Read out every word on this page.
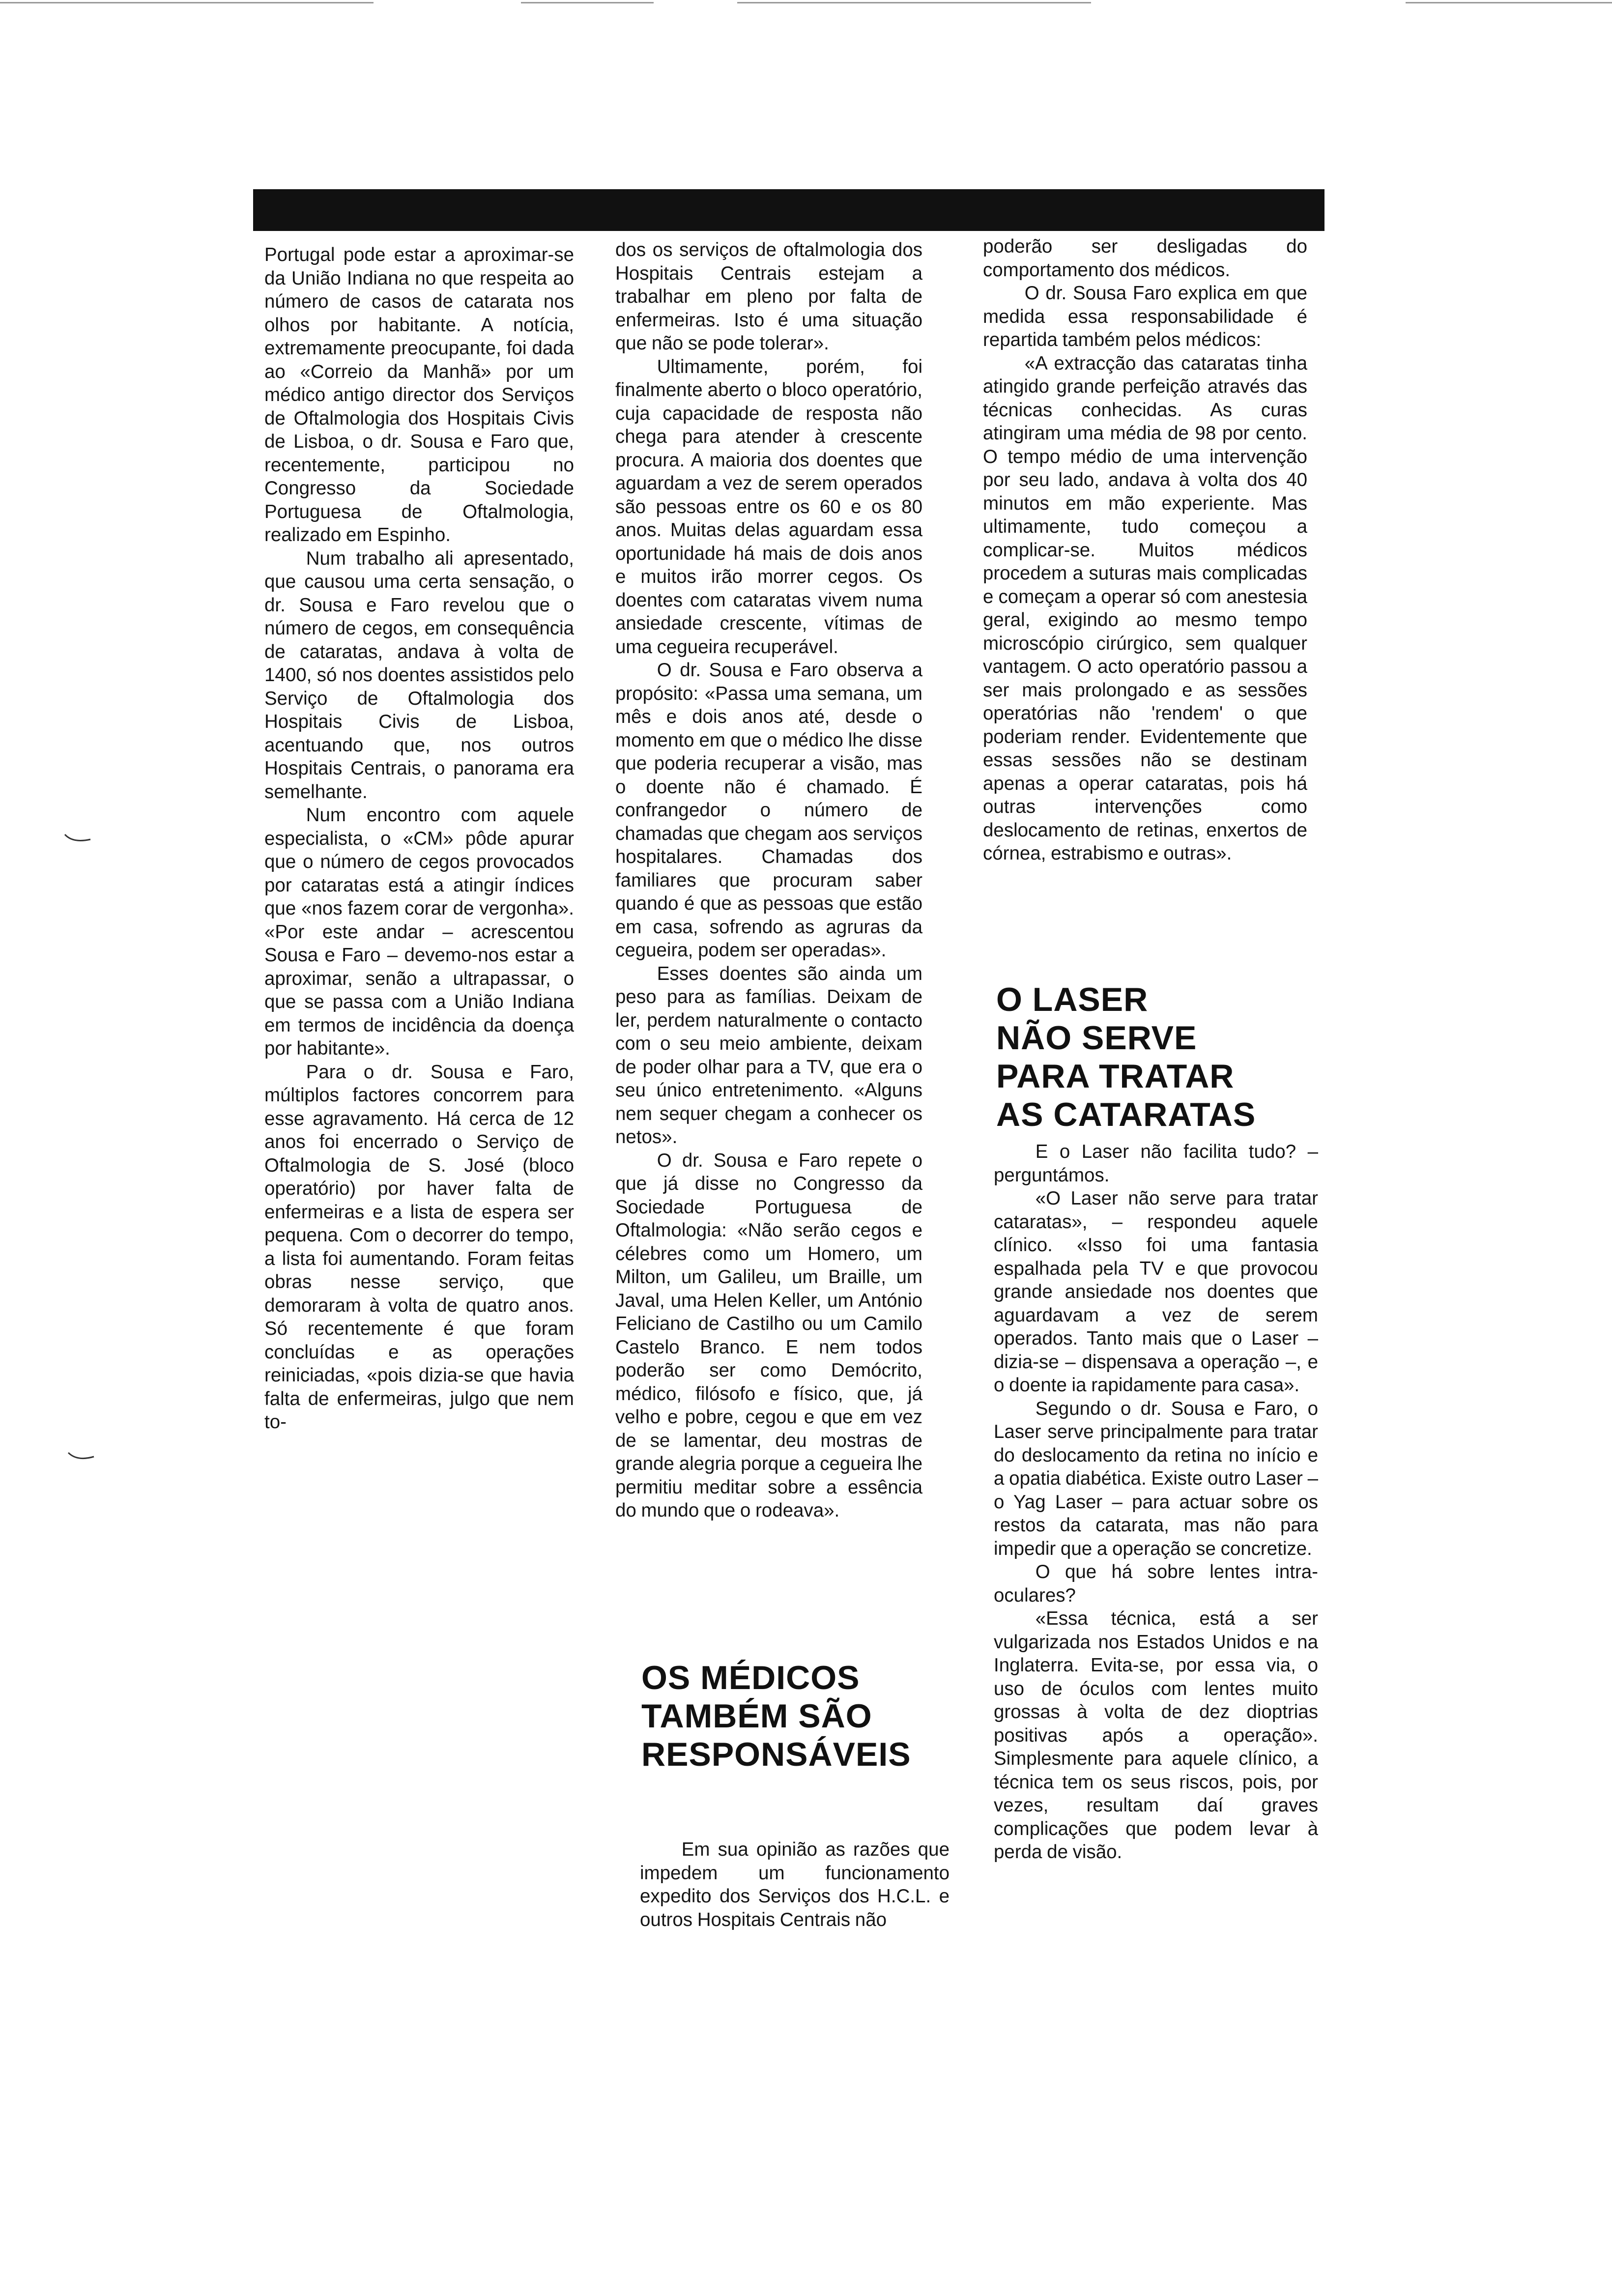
Portugal pode estar a aproximar-se da União Indiana no que respeita ao número de casos de catarata nos olhos por habitante. A notícia, extremamente preocupante, foi dada ao «Correio da Manhã» por um médico antigo director dos Serviços de Oftalmologia dos Hospitais Civis de Lisboa, o dr. Sousa e Faro que, recentemente, participou no Congresso da Sociedade Portuguesa de Oftalmologia, realizado em Espinho.

Num trabalho ali apresentado, que causou uma certa sensação, o dr. Sousa e Faro revelou que o número de cegos, em consequência de cataratas, andava à volta de 1400, só nos doentes assistidos pelo Serviço de Oftalmologia dos Hospitais Civis de Lisboa, acentuando que, nos outros Hospitais Centrais, o panorama era semelhante.

Num encontro com aquele especialista, o «CM» pôde apurar que o número de cegos provocados por cataratas está a atingir índices que «nos fazem corar de vergonha». «Por este andar – acrescentou Sousa e Faro – devemo-nos estar a aproximar, senão a ultrapassar, o que se passa com a União Indiana em termos de incidência da doença por habitante».

Para o dr. Sousa e Faro, múltiplos factores concorrem para esse agravamento. Há cerca de 12 anos foi encerrado o Serviço de Oftalmologia de S. José (bloco operatório) por haver falta de enfermeiras e a lista de espera ser pequena. Com o decorrer do tempo, a lista foi aumentando. Foram feitas obras nesse serviço, que demoraram à volta de quatro anos. Só recentemente é que foram concluídas e as operações reiniciadas, «pois dizia-se que havia falta de enfermeiras, julgo que nem to-

dos os serviços de oftalmologia dos Hospitais Centrais estejam a trabalhar em pleno por falta de enfermeiras. Isto é uma situação que não se pode tolerar».

Ultimamente, porém, foi finalmente aberto o bloco operatório, cuja capacidade de resposta não chega para atender à crescente procura. A maioria dos doentes que aguardam a vez de serem operados são pessoas entre os 60 e os 80 anos. Muitas delas aguardam essa oportunidade há mais de dois anos e muitos irão morrer cegos. Os doentes com cataratas vivem numa ansiedade crescente, vítimas de uma cegueira recuperável.

O dr. Sousa e Faro observa a propósito: «Passa uma semana, um mês e dois anos até, desde o momento em que o médico lhe disse que poderia recuperar a visão, mas o doente não é chamado. É confrangedor o número de chamadas que chegam aos serviços hospitalares. Chamadas dos familiares que procuram saber quando é que as pessoas que estão em casa, sofrendo as agruras da cegueira, podem ser operadas».

Esses doentes são ainda um peso para as famílias. Deixam de ler, perdem naturalmente o contacto com o seu meio ambiente, deixam de poder olhar para a TV, que era o seu único entretenimento. «Alguns nem sequer chegam a conhecer os netos».

O dr. Sousa e Faro repete o que já disse no Congresso da Sociedade Portuguesa de Oftalmologia: «Não serão cegos e célebres como um Homero, um Milton, um Galileu, um Braille, um Javal, uma Helen Keller, um António Feliciano de Castilho ou um Camilo Castelo Branco. E nem todos poderão ser como Demócrito, médico, filósofo e físico, que, já velho e pobre, cegou e que em vez de se lamentar, deu mostras de grande alegria porque a cegueira lhe permitiu meditar sobre a essência do mundo que o rodeava».

OS MÉDICOS
TAMBÉM SÃO
RESPONSÁVEIS

Em sua opinião as razões que impedem um funcionamento expedito dos Serviços dos H.C.L. e outros Hospitais Centrais não

poderão ser desligadas do comportamento dos médicos.

O dr. Sousa Faro explica em que medida essa responsabilidade é repartida também pelos médicos:

«A extracção das cataratas tinha atingido grande perfeição através das técnicas conhecidas. As curas atingiram uma média de 98 por cento. O tempo médio de uma intervenção por seu lado, andava à volta dos 40 minutos em mão experiente. Mas ultimamente, tudo começou a complicar-se. Muitos médicos procedem a suturas mais complicadas e começam a operar só com anestesia geral, exigindo ao mesmo tempo microscópio cirúrgico, sem qualquer vantagem. O acto operatório passou a ser mais prolongado e as sessões operatórias não 'rendem' o que poderiam render. Evidentemente que essas sessões não se destinam apenas a operar cataratas, pois há outras intervenções como deslocamento de retinas, enxertos de córnea, estrabismo e outras».

O LASER
NÃO SERVE
PARA TRATAR
AS CATARATAS

E o Laser não facilita tudo? – perguntámos.

«O Laser não serve para tratar cataratas», – respondeu aquele clínico. «Isso foi uma fantasia espalhada pela TV e que provocou grande ansiedade nos doentes que aguardavam a vez de serem operados. Tanto mais que o Laser – dizia-se – dispensava a operação –, e o doente ia rapidamente para casa».

Segundo o dr. Sousa e Faro, o Laser serve principalmente para tratar do deslocamento da retina no início e a opatia diabética. Existe outro Laser – o Yag Laser – para actuar sobre os restos da catarata, mas não para impedir que a operação se concretize.

O que há sobre lentes intra-oculares?

«Essa técnica, está a ser vulgarizada nos Estados Unidos e na Inglaterra. Evita-se, por essa via, o uso de óculos com lentes muito grossas à volta de dez dioptrias positivas após a operação». Simplesmente para aquele clínico, a técnica tem os seus riscos, pois, por vezes, resultam daí graves complicações que podem levar à perda de visão.
